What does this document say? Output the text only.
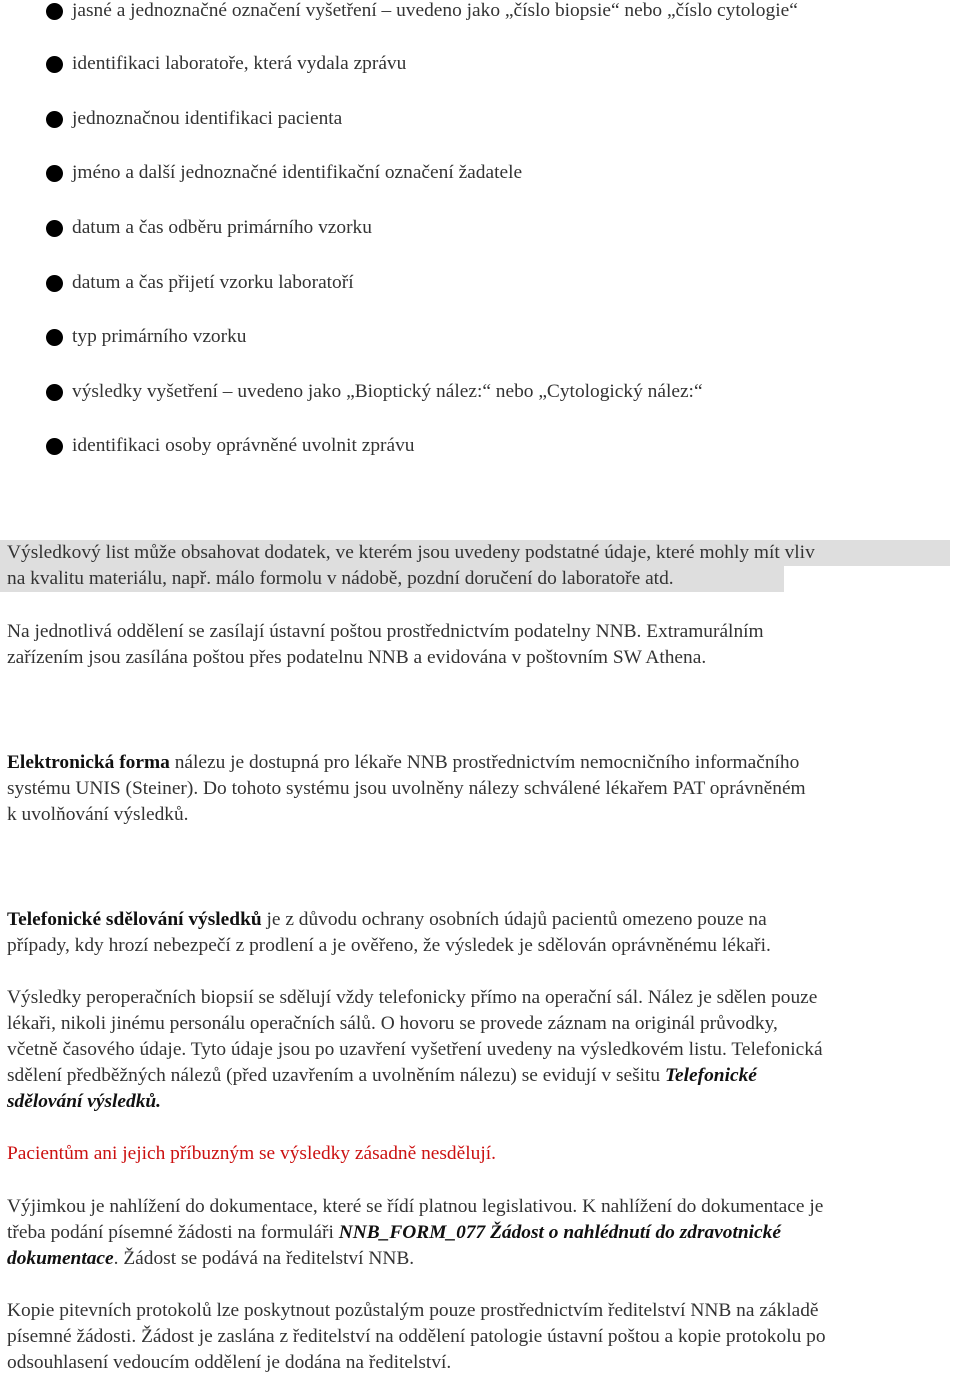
jasné a jednoznačné označení vyšetření – uvedeno jako „číslo biopsie“ nebo „číslo cytologie“
identifikaci laboratoře, která vydala zprávu
jednoznačnou identifikaci pacienta
jméno a další jednoznačné identifikační označení žadatele
datum a čas odběru primárního vzorku
datum a čas přijetí vzorku laboratoří
typ primárního vzorku
výsledky vyšetření – uvedeno jako „Bioptický nález:“ nebo „Cytologický nález:“
identifikaci osoby oprávněné uvolnit zprávu
Výsledkový list může obsahovat dodatek, ve kterém jsou uvedeny podstatné údaje, které mohly mít vliv
na kvalitu materiálu, např. málo formolu v nádobě, pozdní doručení do laboratoře atd.
Na jednotlivá oddělení se zasílají ústavní poštou prostřednictvím podatelny NNB. Extramurálním
zařízením jsou zasílána poštou přes podatelnu NNB a evidována v poštovním SW Athena.
Elektronická forma nálezu je dostupná pro lékaře NNB prostřednictvím nemocničního informačního
systému UNIS (Steiner). Do tohoto systému jsou uvolněny nálezy schválené lékařem PAT oprávněném
k uvolňování výsledků.
Telefonické sdělování výsledků je z důvodu ochrany osobních údajů pacientů omezeno pouze na
případy, kdy hrozí nebezpečí z prodlení a je ověřeno, že výsledek je sdělován oprávněnému lékaři.
Výsledky peroperačních biopsií se sdělují vždy telefonicky přímo na operační sál. Nález je sdělen pouze
lékaři, nikoli jinému personálu operačních sálů. O hovoru se provede záznam na originál průvodky,
včetně časového údaje. Tyto údaje jsou po uzavření vyšetření uvedeny na výsledkovém listu. Telefonická
sdělení předběžných nálezů (před uzavřením a uvolněním nálezu) se evidují v sešitu Telefonické
sdělování výsledků.
Pacientům ani jejich příbuzným se výsledky zásadně nesdělují.
Výjimkou je nahlížení do dokumentace, které se řídí platnou legislativou. K nahlížení do dokumentace je
třeba podání písemné žádosti na formuláři NNB_FORM_077 Žádost o nahlédnutí do zdravotnické
dokumentace. Žádost se podává na ředitelství NNB.
Kopie pitevních protokolů lze poskytnout pozůstalým pouze prostřednictvím ředitelství NNB na základě
písemné žádosti. Žádost je zaslána z ředitelství na oddělení patologie ústavní poštou a kopie protokolu po
odsouhlasení vedoucím oddělení je dodána na ředitelství.
